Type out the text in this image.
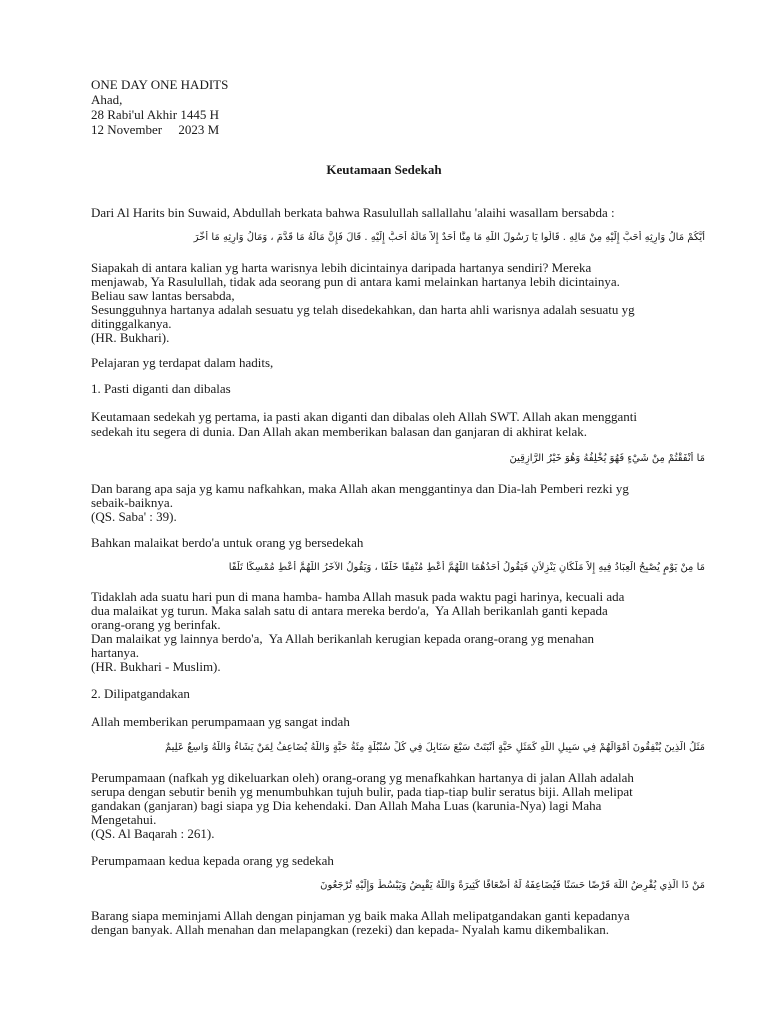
ONE DAY ONE HADITS
Ahad,
28 Rabi'ul Akhir 1445 H
12 November     2023 M
Keutamaan Sedekah
Dari Al Harits bin Suwaid, Abdullah berkata bahwa Rasulullah sallallahu 'alaihi wasallam bersabda :
أَيُّكُمْ مَالُ وَارِثِهِ أَحَبُّ إِلَيْهِ مِنْ مَالِهِ . قَالُوا يَا رَسُولَ اللَّهِ مَا مِنَّا أَحَدٌ إِلاَّ مَالُهُ أَحَبُّ إِلَيْهِ . قَالَ فَإِنَّ مَالَهُ مَا قَدَّمَ ، وَمَالُ وَارِثِهِ مَا أَخَّرَ
Siapakah di antara kalian yg harta warisnya lebih dicintainya daripada hartanya sendiri? Mereka
menjawab, Ya Rasulullah, tidak ada seorang pun di antara kami melainkan hartanya lebih dicintainya.
Beliau saw lantas bersabda,
Sesungguhnya hartanya adalah sesuatu yg telah disedekahkan, dan harta ahli warisnya adalah sesuatu yg
ditinggalkanya.
(HR. Bukhari).
Pelajaran yg terdapat dalam hadits,
1. Pasti diganti dan dibalas
Keutamaan sedekah yg pertama, ia pasti akan diganti dan dibalas oleh Allah SWT. Allah akan mengganti
sedekah itu segera di dunia. Dan Allah akan memberikan balasan dan ganjaran di akhirat kelak.
مَا أَنْفَقْتُمْ مِنْ شَيْءٍ فَهُوَ يُخْلِفُهُ وَهُوَ خَيْرُ الرَّازِقِينَ
Dan barang apa saja yg kamu nafkahkan, maka Allah akan menggantinya dan Dia-lah Pemberi rezki yg
sebaik-baiknya.
(QS. Saba' : 39).
Bahkan malaikat berdo'a untuk orang yg bersedekah
مَا مِنْ يَوْمٍ يُصْبِحُ الْعِبَادُ فِيهِ إِلاَّ مَلَكَانِ يَنْزِلاَنِ فَيَقُولُ أَحَدُهُمَا اللَّهُمَّ أَعْطِ مُنْفِقًا خَلَفًا ، وَيَقُولُ الآخَرُ اللَّهُمَّ أَعْطِ مُمْسِكًا تَلَفًا
Tidaklah ada suatu hari pun di mana hamba- hamba Allah masuk pada waktu pagi harinya, kecuali ada
dua malaikat yg turun. Maka salah satu di antara mereka berdo'a,  Ya Allah berikanlah ganti kepada
orang-orang yg berinfak.
Dan malaikat yg lainnya berdo'a,  Ya Allah berikanlah kerugian kepada orang-orang yg menahan
hartanya.
(HR. Bukhari - Muslim).
2. Dilipatgandakan
Allah memberikan perumpamaan yg sangat indah
مَثَلُ الَّذِينَ يُنْفِقُونَ أَمْوَالَهُمْ فِي سَبِيلِ اللَّهِ كَمَثَلِ حَبَّةٍ أَنْبَتَتْ سَبْعَ سَنَابِلَ فِي كُلِّ سُنْبُلَةٍ مِئَةُ حَبَّةٍ وَاللَّهُ يُضَاعِفُ لِمَنْ يَشَاءُ وَاللَّهُ وَاسِعٌ عَلِيمٌ
Perumpamaan (nafkah yg dikeluarkan oleh) orang-orang yg menafkahkan hartanya di jalan Allah adalah
serupa dengan sebutir benih yg menumbuhkan tujuh bulir, pada tiap-tiap bulir seratus biji. Allah melipat
gandakan (ganjaran) bagi siapa yg Dia kehendaki. Dan Allah Maha Luas (karunia-Nya) lagi Maha
Mengetahui.
(QS. Al Baqarah : 261).
Perumpamaan kedua kepada orang yg sedekah
مَنْ ذَا الَّذِي يُقْرِضُ اللَّهَ قَرْضًا حَسَنًا فَيُضَاعِفَهُ لَهُ أَضْعَافًا كَثِيرَةً وَاللَّهُ يَقْبِضُ وَيَبْسُطُ وَإِلَيْهِ تُرْجَعُونَ
Barang siapa meminjami Allah dengan pinjaman yg baik maka Allah melipatgandakan ganti kepadanya
dengan banyak. Allah menahan dan melapangkan (rezeki) dan kepada- Nyalah kamu dikembalikan.
